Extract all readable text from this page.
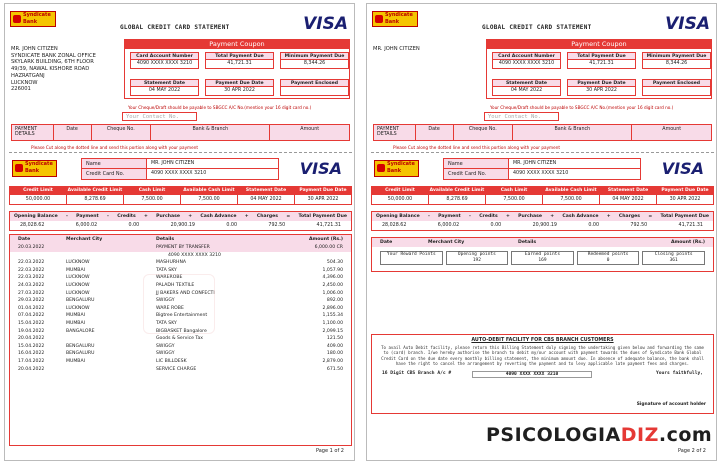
Syndicate Bank
GLOBAL CREDIT CARD STATEMENT	VISA
MR. JOHN CITIZEN
SYNDICATE BANK ZONAL OFFICE
SKYLARK BUILDING, 6TH FLOOR
49/39, NAWAL KISHORE ROAD
HAZRATGANJ
LUCKNOW
226001
Payment Coupon
Card Account Number
4090 XXXX XXXX 3210
Total Payment Due
41,721.31
Minimum Payment Due
8,344.26
Statement Date
04 MAY 2022
Payment Due Date
30 APR 2022
Payment Enclosed
Your Cheque/Draft should be payable to SBGCC A/C No.(mention your 16 digit card no.)
Your Contact No.
PAYMENT DETAILS
Date	Cheque No.	Bank & Branch	Amount
Please Cut along the dotted line and send this portion along with your payment
Syndicate Bank
Name	MR. JOHN CITIZEN
Credit Card No.	4090 XXXX XXXX 3210	VISA
Credit Limit
50,000.00
Available Credit Limit
8,278.69
Cash Limit
7,500.00
Available Cash Limit
7,500.00
Statement Date
04 MAY 2022
Payment Due Date
30 APR 2022
Opening Balance - Payment - Credits + Purchase + Cash Advance + Charges = Total Payment Due
28,028.62	6,000.02	0.00	20,900.19	0.00	792.50	41,721.31
Date	Merchant City	Details	Amount (Rs.)
20.03.2022	PAYMENT BY TRANSFER	6,000.00 CR
4090 XXXX XXXX 3210
22.03.2022	LUCKNOW	MASHURHNA	504.30
22.03.2022	MUMBAI	TATA SKY	1,057.90
22.03.2022	LUCKNOW	WAREROBE	4,396.00
24.03.2022	LUCKNOW	PALADH TEXTILE	2,450.00
27.03.2022	LUCKNOW	JJ BAKERS AND CONFECTI	1,006.00
29.03.2022	BENGALURU	SWIGGY	892.00
01.04.2022	LUCKNOW	WARE ROBE	2,896.00
07.04.2022	MUMBAI	Bigtree Entertainment	1,155.34
15.04.2022	MUMBAI	TATA SKY	1,100.00
19.04.2022	BANGALORE	BIGBASKET Bangalore	2,099.15
20.04.2022	Goods & Service Tax	121.50
15.04.2022	BENGALURU	SWIGGY	409.00
16.04.2022	BENGALURU	SWIGGY	180.00
17.04.2022	MUMBAI	LIC BILLDESK	2,879.00
20.04.2022	SERVICE CHARGE	671.50
Page 1 of 2
Syndicate Bank
GLOBAL CREDIT CARD STATEMENT	VISA
MR. JOHN CITIZEN
Payment Coupon
Card Account Number
4090 XXXX XXXX 3210
Total Payment Due
41,721.31
Minimum Payment Due
8,344.26
Statement Date
04 MAY 2022
Payment Due Date
30 APR 2022
Payment Enclosed
Your Cheque/Draft should be payable to SBGCC A/C No.(mention your 16 digit card no.)
Your Contact No.
PAYMENT DETAILS
Date	Cheque No.	Bank & Branch	Amount
Please Cut along the dotted line and send this portion along with your payment
Syndicate Bank
Name	MR. JOHN CITIZEN
Credit Card No.	4090 XXXX XXXX 3210	VISA
Credit Limit
50,000.00
Available Credit Limit
8,278.69
Cash Limit
7,500.00
Available Cash Limit
7,500.00
Statement Date
04 MAY 2022
Payment Due Date
30 APR 2022
Opening Balance - Payment - Credits + Purchase + Cash Advance + Charges = Total Payment Due
28,028.62	6,000.02	0.00	20,900.19	0.00	792.50	41,721.31
Date	Merchant City	Details	Amount (Rs.)
Your Reward Points	Opening points
192
Earned points
169
Redeemed points
0
Closing points
361
AUTO-DEBIT FACILITY FOR CBS BRANCH CUSTOMERS
To avail Auto Debit facility, please return this Billing Statement duly signing the undertaking given below and forwarding the same to (card) branch. I/we hereby authorise the branch to debit my/our account with payment towards the dues of Syndicate Bank Global Credit Card on the due date every monthly billing statement, the minimum amount due. In absence of adequate balance, the bank shall have the right to cancel the arrangement by reverting the payment and to levy applicable late payment fees and charges.
16 Digit CBS Branch A/c #	4090 XXXX XXXX 3210	Yours faithfully,
Signature of account holder
Page 2 of 2
PSICOLOGIADIZ.com
